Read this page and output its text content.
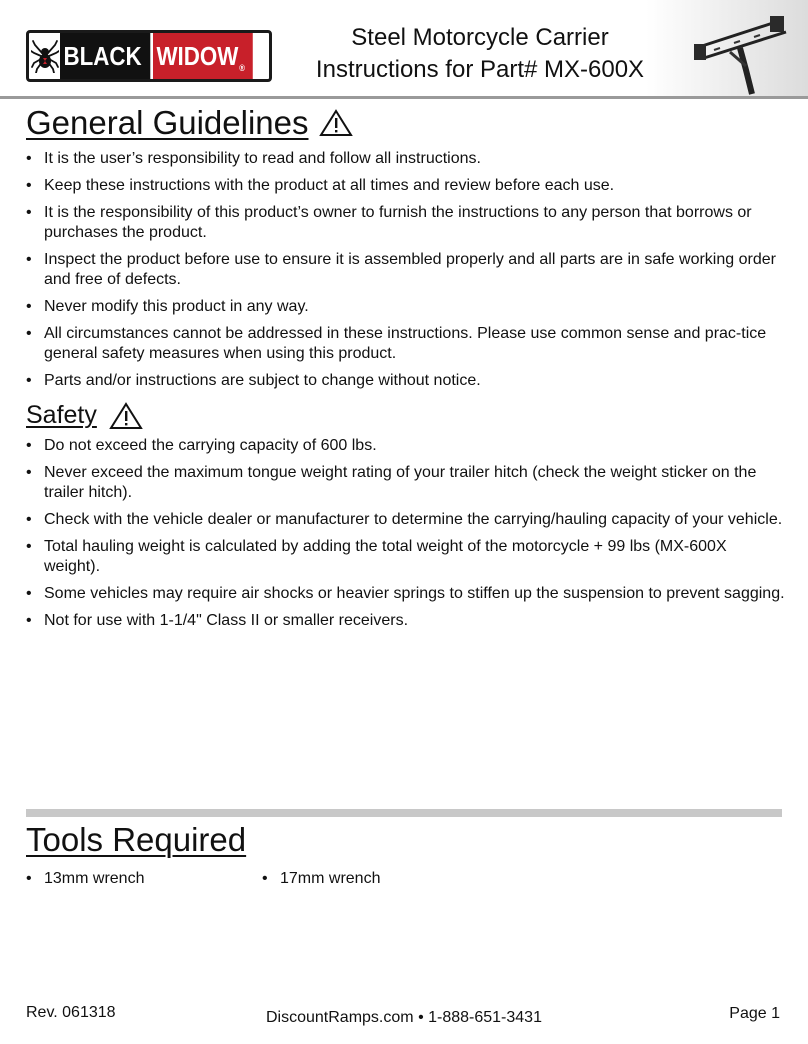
BLACK WIDOW ®
Steel Motorcycle Carrier
Instructions for Part# MX-600X
General Guidelines
• It is the user’s responsibility to read and follow all instructions.
• Keep these instructions with the product at all times and review before each use.
• It is the responsibility of this product’s owner to furnish the instructions to any person that borrows or purchases the product.
• Inspect the product before use to ensure it is assembled properly and all parts are in safe working order and free of defects.
• Never modify this product in any way.
• All circumstances cannot be addressed in these instructions. Please use common sense and prac-tice general safety measures when using this product.
• Parts and/or instructions are subject to change without notice.
Safety
• Do not exceed the carrying capacity of 600 lbs.
• Never exceed the maximum tongue weight rating of your trailer hitch (check the weight sticker on the trailer hitch).
• Check with the vehicle dealer or manufacturer to determine the carrying/hauling capacity of your vehicle.
• Total hauling weight is calculated by adding the total weight of the motorcycle + 99 lbs (MX-600X weight).
• Some vehicles may require air shocks or heavier springs to stiffen up the suspension to prevent sagging.
• Not for use with 1-1/4" Class II or smaller receivers.
Tools Required
• 13mm wrench
•	17mm wrench
Rev. 061318	DiscountRamps.com • 1-888-651-3431	Page 1
